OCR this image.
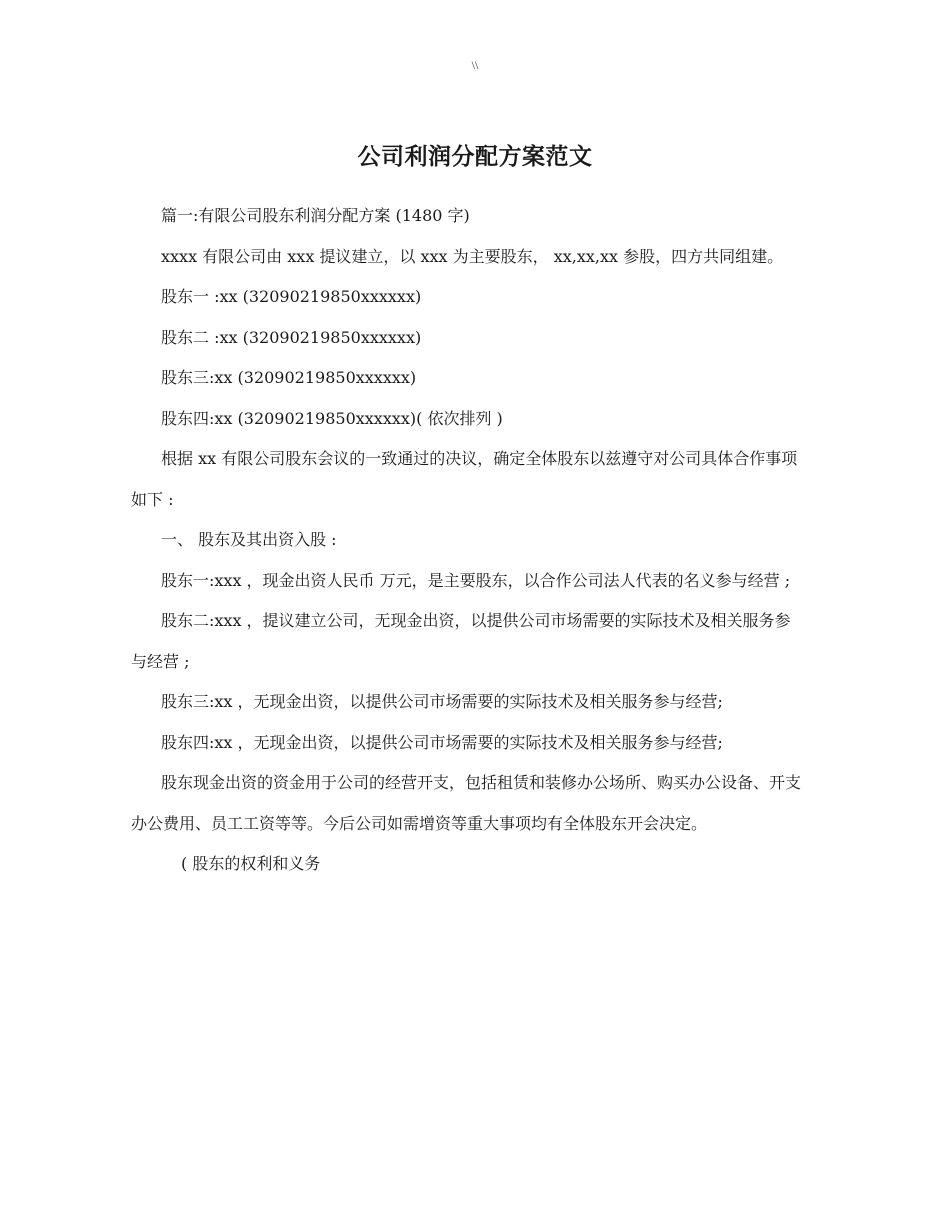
\\
公司利润分配方案范文

篇一:有限公司股东利润分配方案 (1480 字)

xxxx 有限公司由 xxx 提议建立，以 xxx 为主要股东， xx,xx,xx 参股，四方共同组建。

股东一 :xx (32090219850xxxxxx)

股东二 :xx (32090219850xxxxxx)

股东三:xx (32090219850xxxxxx)

股东四:xx (32090219850xxxxxx)( 依次排列 )

根据 xx 有限公司股东会议的一致通过的决议，确定全体股东以兹遵守对公司具体合作事项如下 :

一、 股东及其出资入股 :

股东一:xxx ，现金出资人民币 万元，是主要股东，以合作公司法人代表的名义参与经营 ;

股东二:xxx ，提议建立公司，无现金出资，以提供公司市场需要的实际技术及相关服务参与经营 ;

股东三:xx ，无现金出资，以提供公司市场需要的实际技术及相关服务参与经营;

股东四:xx ，无现金出资，以提供公司市场需要的实际技术及相关服务参与经营;

股东现金出资的资金用于公司的经营开支，包括租赁和装修办公场所、购买办公设备、开支办公费用、员工工资等等。今后公司如需增资等重大事项均有全体股东开会决定。

( 股东的权利和义务
